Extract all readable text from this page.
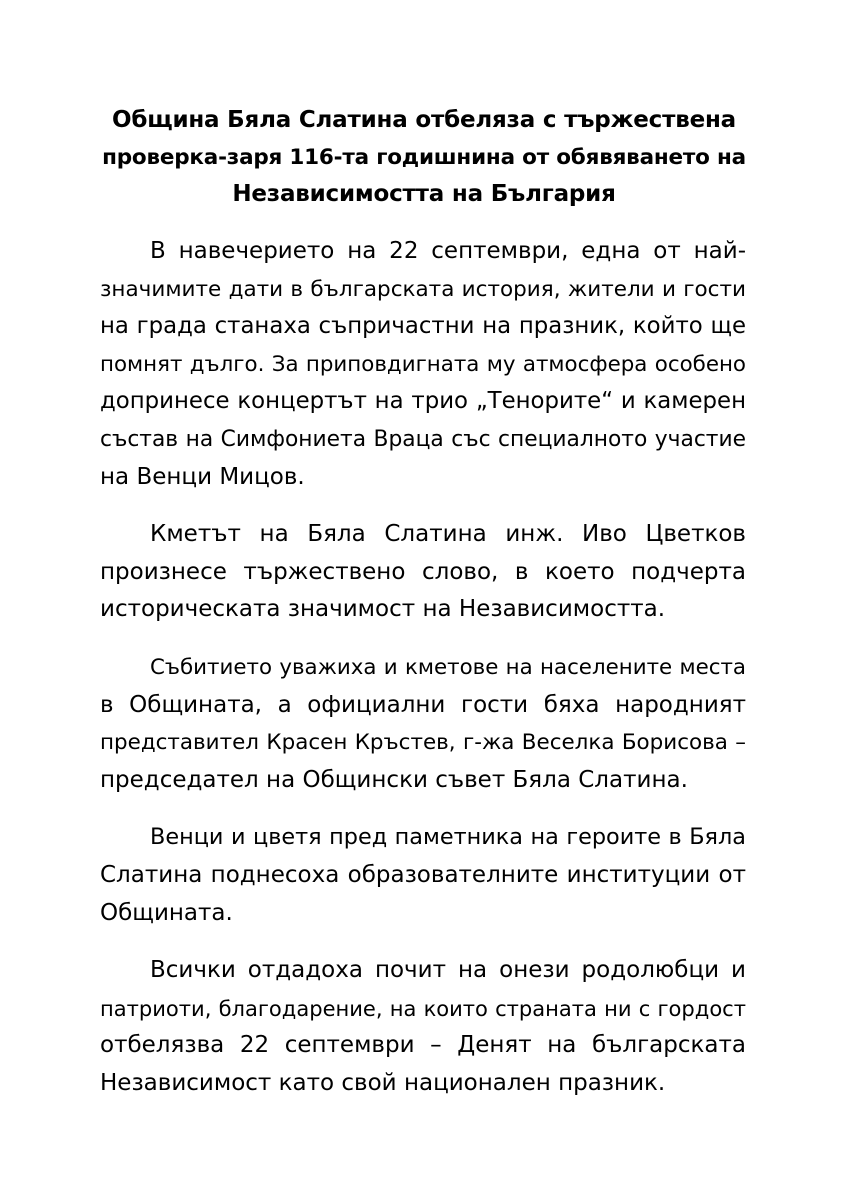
Община Бяла Слатина отбеляза с тържествена
проверка-заря 116-та годишнина от обявяването на
Независимостта на България
В навечерието на 22 септември, една от най-
значимите дати в българската история, жители и гости
на града станаха съпричастни на празник, който ще
помнят дълго. За приповдигната му атмосфера особено
допринесе концертът на трио „Тенорите“ и камерен
състав на Симфониета Враца със специалното участие
на Венци Мицов.
Кметът на Бяла Слатина инж. Иво Цветков
произнесе тържествено слово, в което подчерта
историческата значимост на Независимостта.
Събитието уважиха и кметове на населените места
в Общината, а официални гости бяха народният
представител Красен Кръстев, г-жа Веселка Борисова –
председател на Общински съвет Бяла Слатина.
Венци и цветя пред паметника на героите в Бяла
Слатина поднесоха образователните институции от
Общината.
Всички отдадоха почит на онези родолюбци и
патриоти, благодарение, на които страната ни с гордост
отбелязва 22 септември – Денят на българската
Независимост като свой национален празник.
